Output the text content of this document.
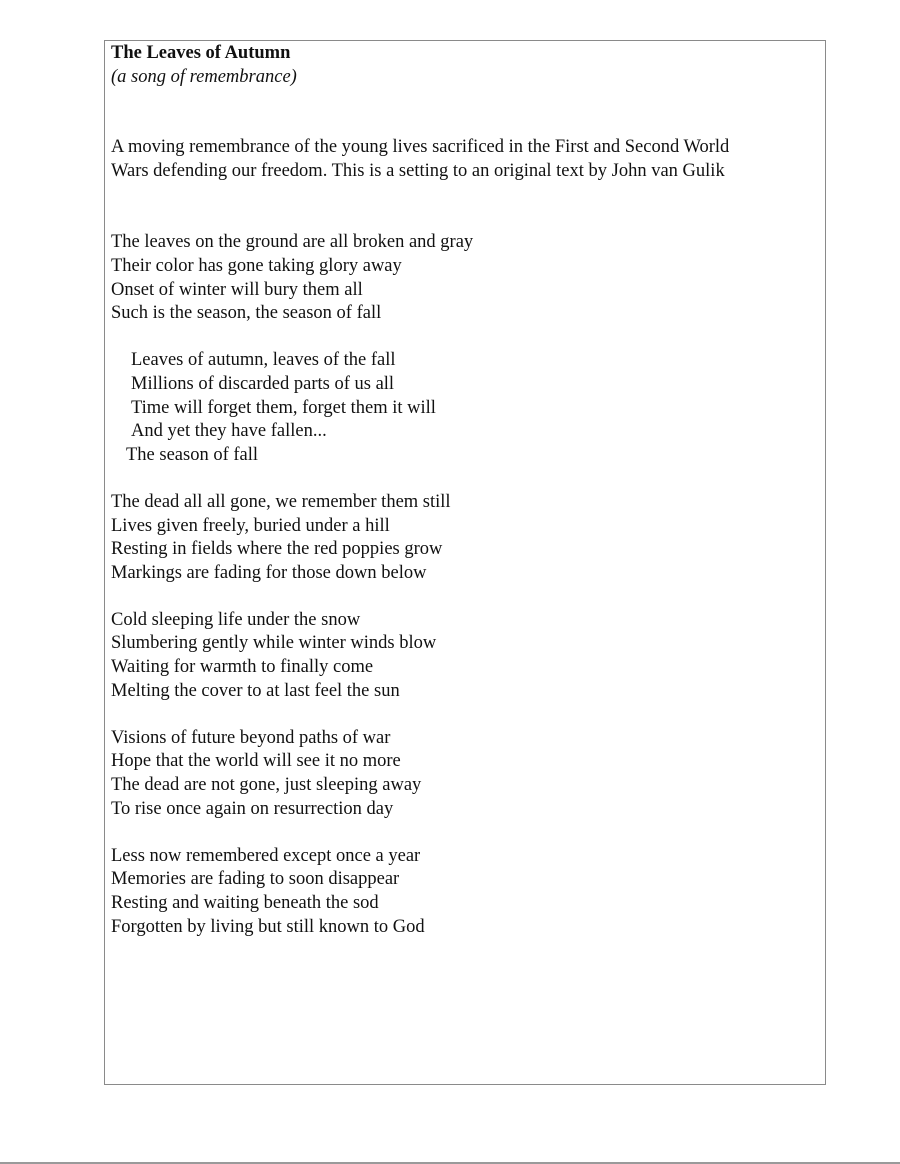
The Leaves of Autumn

(a song of remembrance)

A moving remembrance of the young lives sacrificed in the First and Second World
Wars defending our freedom. This is a setting to an original text by John van Gulik
The leaves on the ground are all broken and gray
Their color has gone taking glory away
Onset of winter will bury them all
Such is the season, the season of fall
Leaves of autumn, leaves of the fall
Millions of discarded parts of us all
Time will forget them, forget them it will
And yet they have fallen...
The season of fall
The dead all all gone, we remember them still
Lives given freely, buried under a hill
Resting in fields where the red poppies grow
Markings are fading for those down below
Cold sleeping life under the snow
Slumbering gently while winter winds blow
Waiting for warmth to finally come
Melting the cover to at last feel the sun
Visions of future beyond paths of war
Hope that the world will see it no more
The dead are not gone, just sleeping away
To rise once again on resurrection day
Less now remembered except once a year
Memories are fading to soon disappear
Resting and waiting beneath the sod
Forgotten by living but still known to God
